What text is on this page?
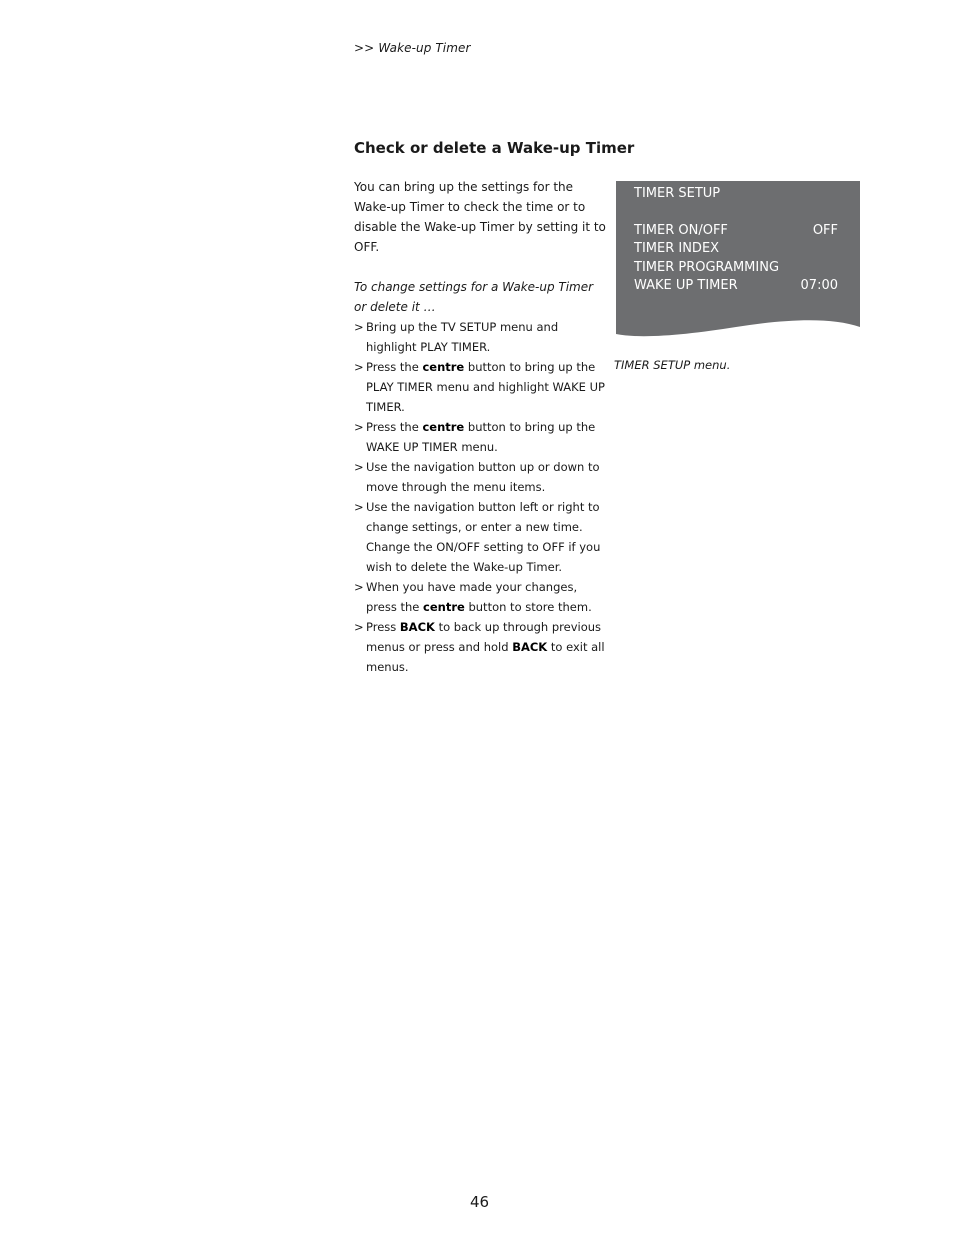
>> Wake-up Timer
Check or delete a Wake-up Timer

You can bring up the settings for the Wake-up Timer to check the time or to disable the Wake-up Timer by setting it to OFF.

To change settings for a Wake-up Timer or delete it …

> Bring up the TV SETUP menu and highlight PLAY TIMER.
> Press the centre button to bring up the PLAY TIMER menu and highlight WAKE UP TIMER.
> Press the centre button to bring up the WAKE UP TIMER menu.
> Use the navigation button up or down to move through the menu items.
> Use the navigation button left or right to change settings, or enter a new time. Change the ON/OFF setting to OFF if you wish to delete the Wake-up Timer.
> When you have made your changes, press the centre button to store them.
> Press BACK to back up through previous menus or press and hold BACK to exit all menus.
TIMER SETUP
TIMER ON/OFF	OFF
TIMER INDEX
TIMER PROGRAMMING
WAKE UP TIMER	07:00
TIMER SETUP menu.
46
